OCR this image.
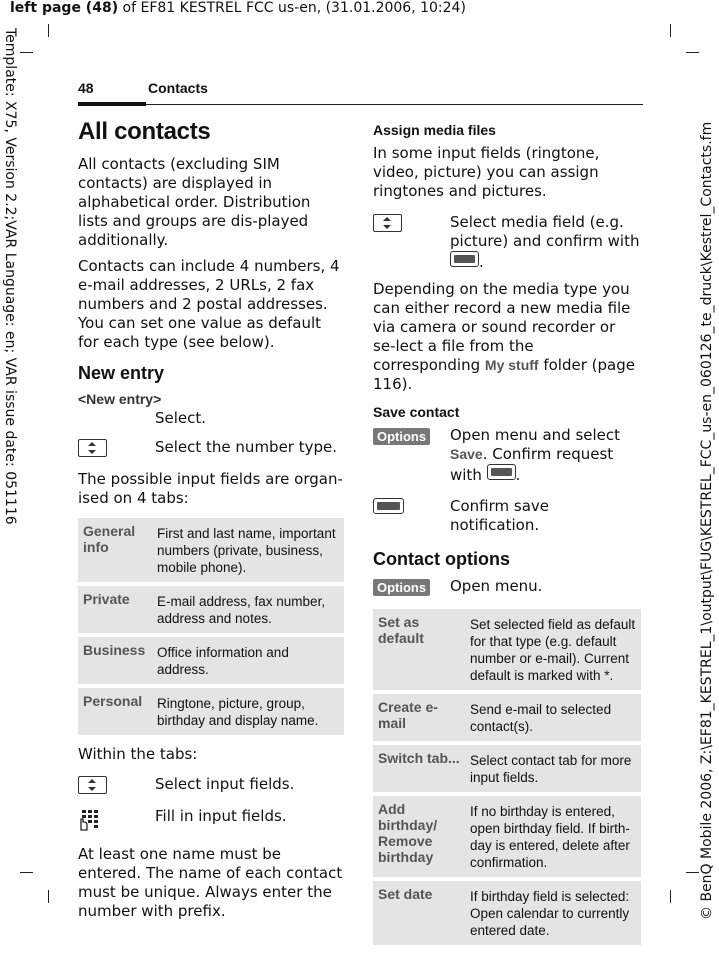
left page (48) of EF81 KESTREL FCC us-en, (31.01.2006, 10:24)
Template: X75, Version 2.2;VAR Language: en; VAR issue date: 051116	© BenQ Mobile 2006, Z:\EF81_KESTREL_1\output\FUG\KESTREL_FCC_us-en_060126_te_druck\Kestrel_Contacts.fm
48	Contacts
All contacts

All contacts (excluding SIM contacts) are displayed in alphabetical order. Distribution lists and groups are dis-played additionally.

Contacts can include 4 numbers, 4 e-mail addresses, 2 URLs, 2 fax numbers and 2 postal addresses. You can set one value as default for each type (see below).

New entry
<New entry>
Select.
Select the number type.

The possible input fields are organ-ised on 4 tabs:

General info	First and last name, important numbers (private, business, mobile phone).
Private	E-mail address, fax number, address and notes.
Business	Office information and address.
Personal	Ringtone, picture, group, birthday and display name.

Within the tabs:

Select input fields.
Fill in input fields.

At least one name must be entered. The name of each contact must be unique. Always enter the number with prefix.

Assign media files

In some input fields (ringtone, video, picture) you can assign ringtones and pictures.

Select media field (e.g. picture) and confirm with .

Depending on the media type you can either record a new media file via camera or sound recorder or se-lect a file from the corresponding My stuff folder (page 116).

Save contact
Options	Open menu and select Save. Confirm request with .
Confirm save notification.
Contact options
Options	Open menu.
Set as default	Set selected field as default for that type (e.g. default number or e-mail). Current default is marked with *.
Create e-mail	Send e-mail to selected contact(s).
Switch tab...	Select contact tab for more input fields.
Add birthday/ Remove birthday	If no birthday is entered, open birthday field. If birth-day is entered, delete after confirmation.
Set date	If birthday field is selected: Open calendar to currently entered date.
